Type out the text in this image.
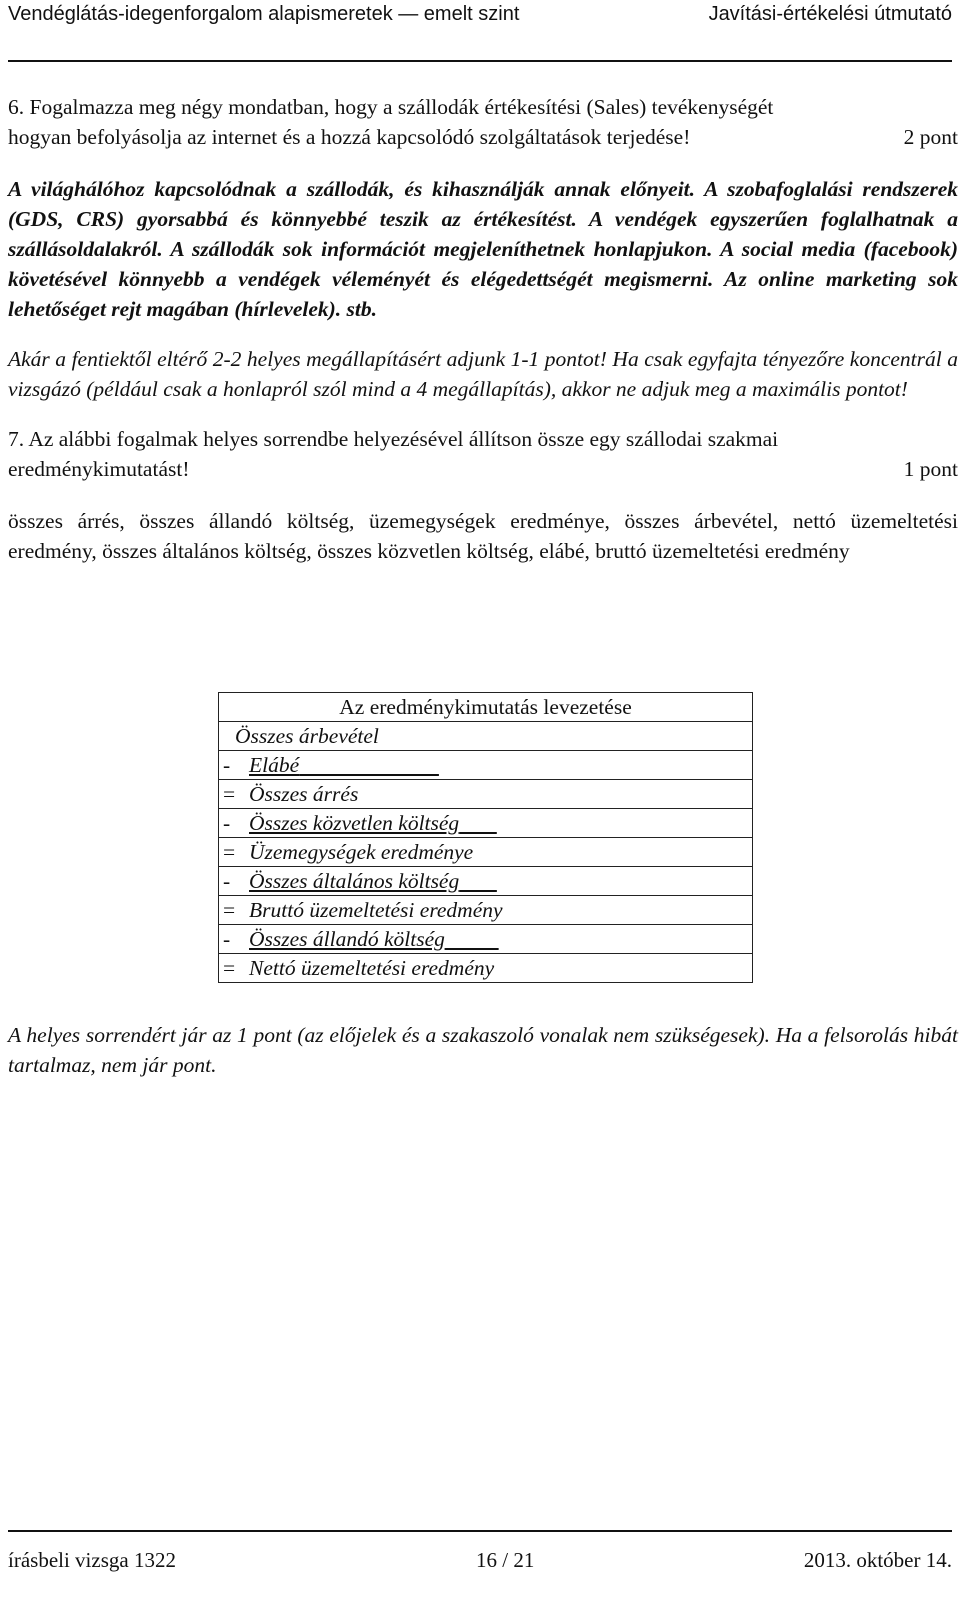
Vendéglátás-idegenforgalom alapismeretek — emelt szint	Javítási-értékelési útmutató
6. Fogalmazza meg négy mondatban, hogy a szállodák értékesítési (Sales) tevékenységét
hogyan befolyásolja az internet és a hozzá kapcsolódó szolgáltatások terjedése!	2 pont
A világhálóhoz kapcsolódnak a szállodák, és kihasználják annak előnyeit. A szobafoglalási rendszerek (GDS, CRS) gyorsabbá és könnyebbé teszik az értékesítést. A vendégek egyszerűen foglalhatnak a szállásoldalakról. A szállodák sok információt megjeleníthetnek honlapjukon. A social media (facebook) követésével könnyebb a vendégek véleményét és elégedettségét megismerni. Az online marketing sok lehetőséget rejt magában (hírlevelek). stb.
Akár a fentiektől eltérő 2-2 helyes megállapításért adjunk 1-1 pontot! Ha csak egyfajta tényezőre koncentrál a vizsgázó (például csak a honlapról szól mind a 4 megállapítás), akkor ne adjuk meg a maximális pontot!
7. Az alábbi fogalmak helyes sorrendbe helyezésével állítson össze egy szállodai szakmai
eredménykimutatást!	1 pont
összes árrés, összes állandó költség, üzemegységek eredménye, összes árbevétel, nettó üzemeltetési eredmény, összes általános költség, összes közvetlen költség, elábé, bruttó üzemeltetési eredmény
Az eredménykimutatás levezetése
Összes árbevétel
- Elábé
= Összes árrés
- Összes közvetlen költség
= Üzemegységek eredménye
- Összes általános költség
= Bruttó üzemeltetési eredmény
- Összes állandó költség
= Nettó üzemeltetési eredmény
A helyes sorrendért jár az 1 pont (az előjelek és a szakaszoló vonalak nem szükségesek). Ha a felsorolás hibát tartalmaz, nem jár pont.
írásbeli vizsga 1322	16 / 21	2013. október 14.
